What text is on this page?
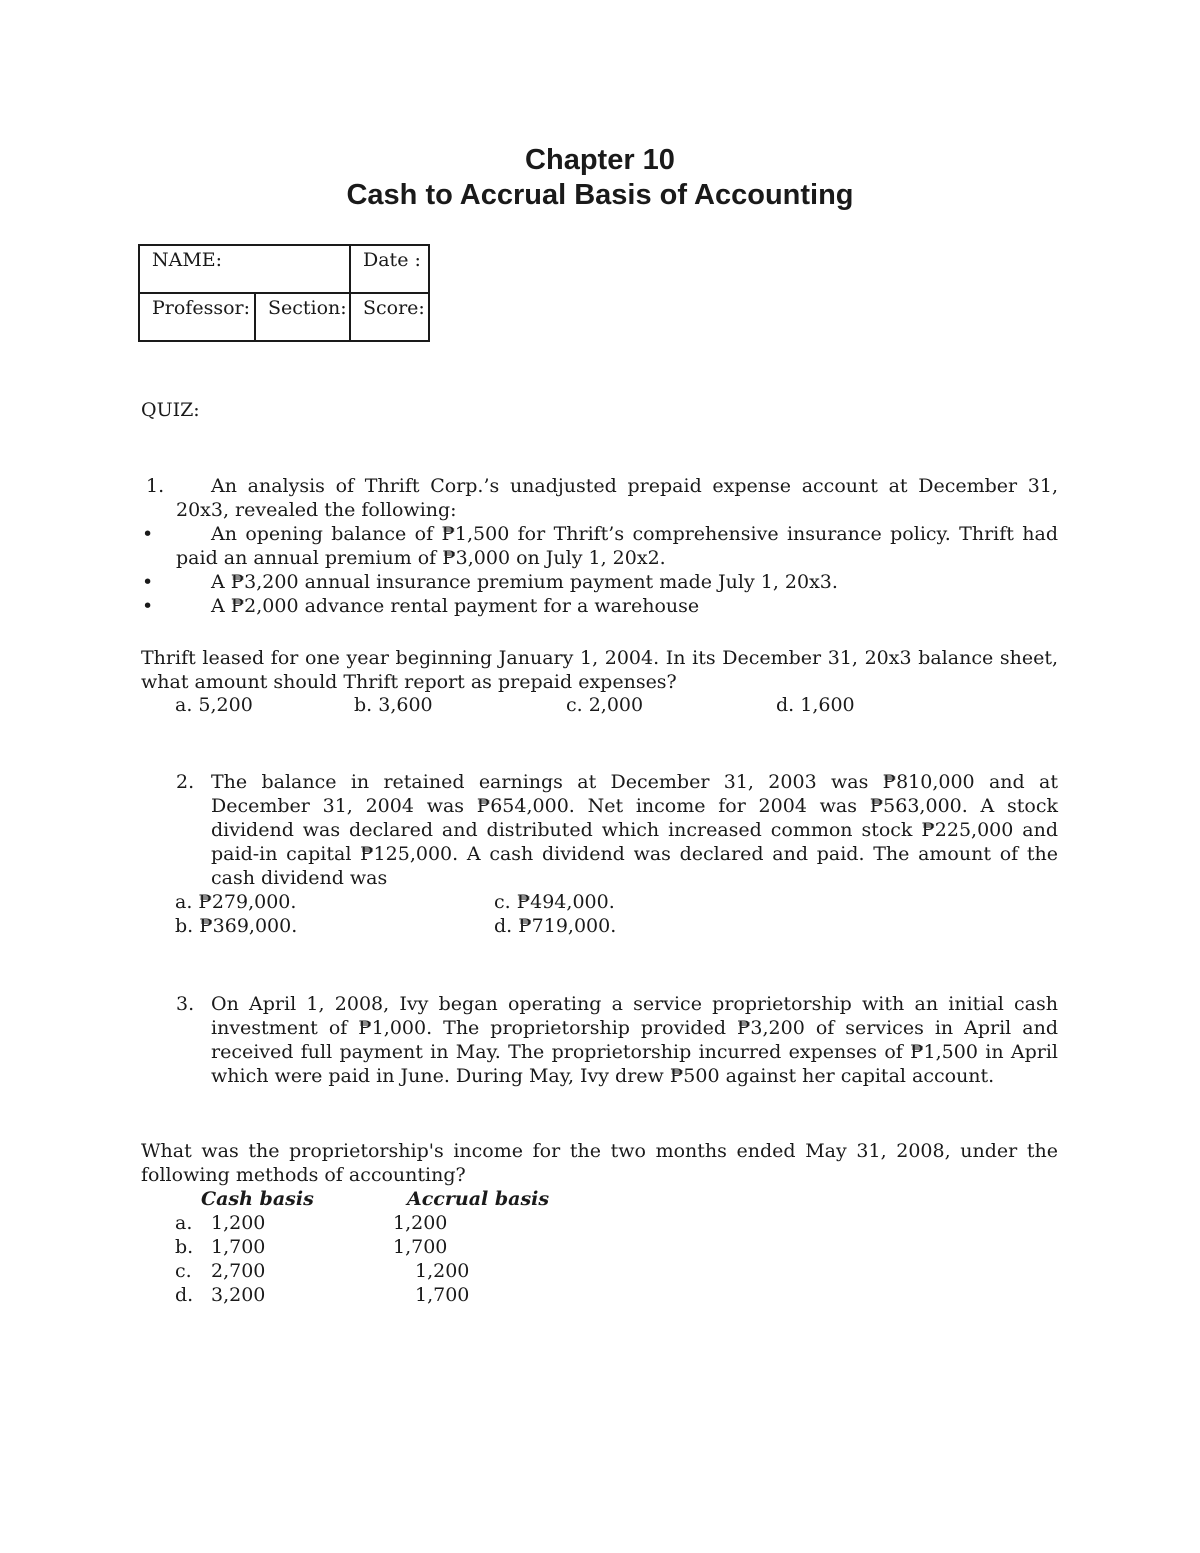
Chapter 10
Cash to Accrual Basis of Accounting
NAME:		Date :
Professor:	Section:	Score:
QUIZ:
1.	An analysis of Thrift Corp.’s unadjusted prepaid expense account at December 31, 20x3, revealed the following:
•	An opening balance of ₱1,500 for Thrift’s comprehensive insurance policy. Thrift had paid an annual premium of ₱3,000 on July 1, 20x2.
•	A ₱3,200 annual insurance premium payment made July 1, 20x3.
•	A ₱2,000 advance rental payment for a warehouse
Thrift leased for one year beginning January 1, 2004. In its December 31, 20x3 balance sheet, what amount should Thrift report as prepaid expenses?
a. 5,200	b. 3,600	c. 2,000	d. 1,600
2. The balance in retained earnings at December 31, 2003 was ₱810,000 and at December 31, 2004 was ₱654,000. Net income for 2004 was ₱563,000. A stock dividend was declared and distributed which increased common stock ₱225,000 and paid-in capital ₱125,000. A cash dividend was declared and paid. The amount of the cash dividend was
a. ₱279,000.	c. ₱494,000.
b. ₱369,000.	d. ₱719,000.
3. On April 1, 2008, Ivy began operating a service proprietorship with an initial cash investment of ₱1,000. The proprietorship provided ₱3,200 of services in April and received full payment in May. The proprietorship incurred expenses of ₱1,500 in April which were paid in June. During May, Ivy drew ₱500 against her capital account.
What was the proprietorship's income for the two months ended May 31, 2008, under the following methods of accounting?
Cash basis	Accrual basis
a. 1,200	1,200
b. 1,700	1,700
c. 2,700	1,200
d. 3,200	1,700
